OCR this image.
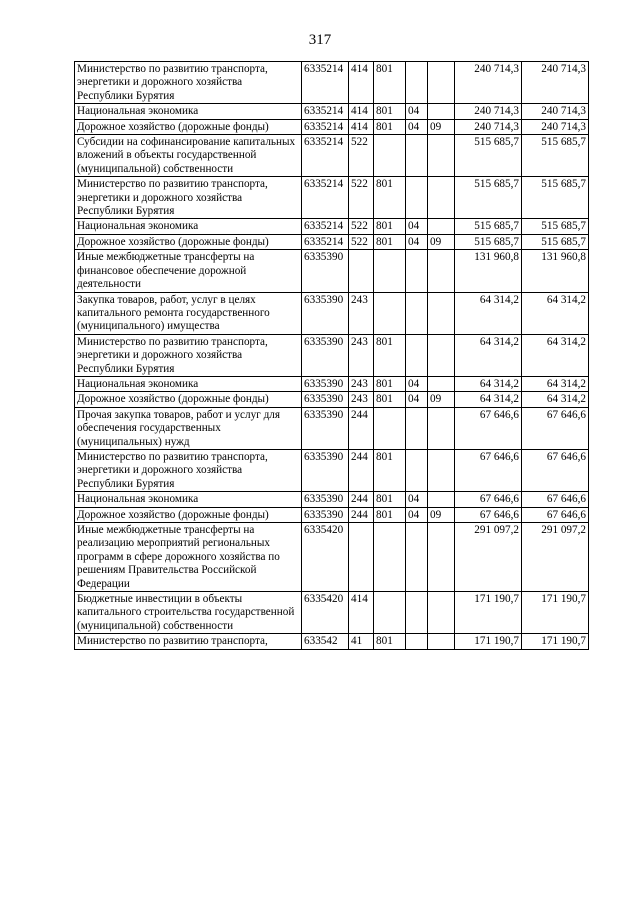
317
Министерство по развитию транспорта, энергетики и дорожного хозяйства Республики Бурятия	6335214	414	801			240 714,3	240 714,3
Национальная экономика	6335214	414	801	04		240 714,3	240 714,3
Дорожное хозяйство (дорожные фонды)	6335214	414	801	04	09	240 714,3	240 714,3
Субсидии на софинансирование капитальных вложений в объекты государственной (муниципальной) собственности	6335214	522				515 685,7	515 685,7
Министерство по развитию транспорта, энергетики и дорожного хозяйства Республики Бурятия	6335214	522	801			515 685,7	515 685,7
Национальная экономика	6335214	522	801	04		515 685,7	515 685,7
Дорожное хозяйство (дорожные фонды)	6335214	522	801	04	09	515 685,7	515 685,7
Иные межбюджетные трансферты на финансовое обеспечение дорожной деятельности	6335390					131 960,8	131 960,8
Закупка товаров, работ, услуг в целях капитального ремонта государственного (муниципального) имущества	6335390	243				64 314,2	64 314,2
Министерство по развитию транспорта, энергетики и дорожного хозяйства Республики Бурятия	6335390	243	801			64 314,2	64 314,2
Национальная экономика	6335390	243	801	04		64 314,2	64 314,2
Дорожное хозяйство (дорожные фонды)	6335390	243	801	04	09	64 314,2	64 314,2
Прочая закупка товаров, работ и услуг для обеспечения государственных (муниципальных) нужд	6335390	244				67 646,6	67 646,6
Министерство по развитию транспорта, энергетики и дорожного хозяйства Республики Бурятия	6335390	244	801			67 646,6	67 646,6
Национальная экономика	6335390	244	801	04		67 646,6	67 646,6
Дорожное хозяйство (дорожные фонды)	6335390	244	801	04	09	67 646,6	67 646,6
Иные межбюджетные трансферты на реализацию мероприятий региональных программ в сфере дорожного хозяйства по решениям Правительства Российской Федерации	6335420					291 097,2	291 097,2
Бюджетные инвестиции в объекты капитального строительства государственной (муниципальной) собственности	6335420	414				171 190,7	171 190,7
Министерство по развитию транспорта,	633542	41	801			171 190,7	171 190,7
